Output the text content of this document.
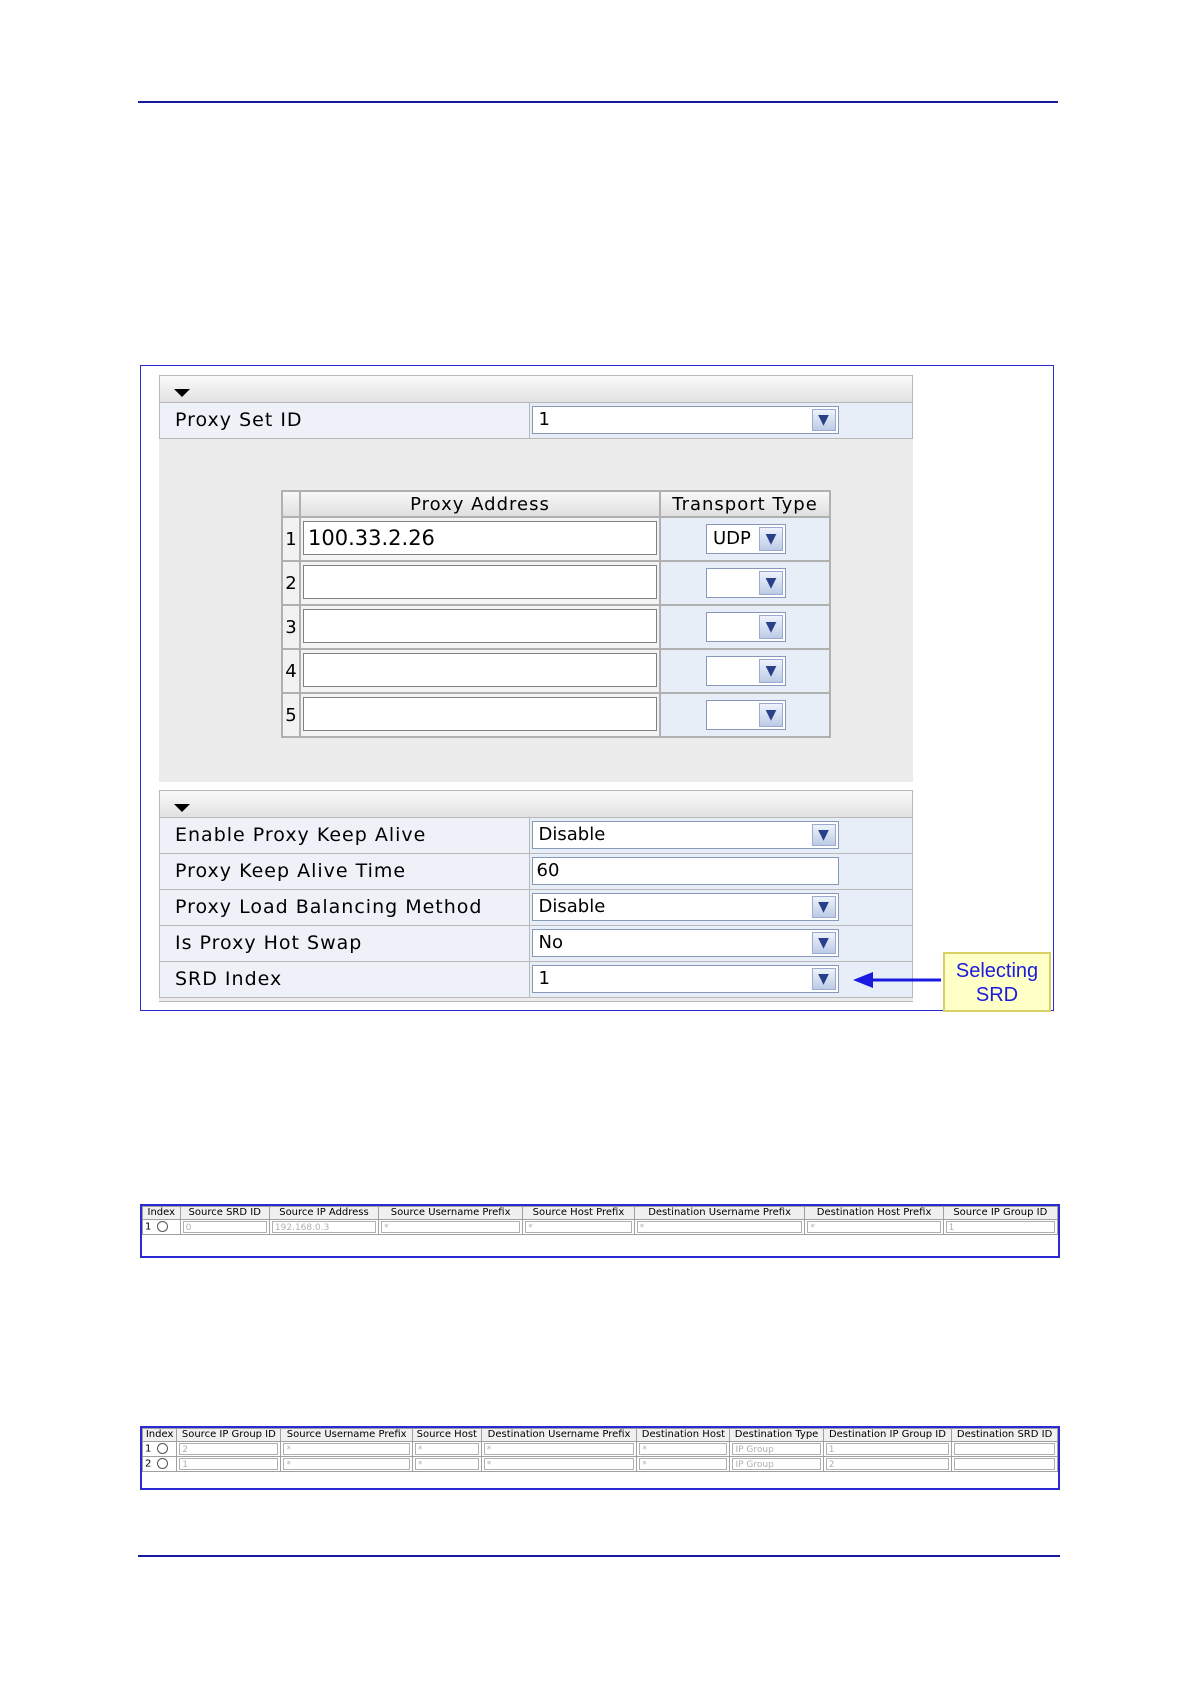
Proxy Set ID	1	▼
	Proxy Address	Transport Type
1	100.33.2.26	UDP ▼

2		▼

3		▼

4		▼

5		▼
Enable Proxy Keep Alive	Disable	▼
Proxy Keep Alive Time	60
Proxy Load Balancing Method	Disable	▼
Is Proxy Hot Swap	No	▼
SRD Index	1	▼	Selecting
SRD
Index	Source SRD ID	Source IP Address	Source Username Prefix	Source Host Prefix	Destination Username Prefix	Destination Host Prefix	Source IP Group ID
1	0	192.168.0.3	*	*	*	*	1
Index	Source IP Group ID	Source Username Prefix	Source Host	Destination Username Prefix	Destination Host	Destination Type	Destination IP Group ID	Destination SRD ID
1	2	*	*	*	*	IP Group	1	

2	1	*	*	*	*	IP Group	2	
